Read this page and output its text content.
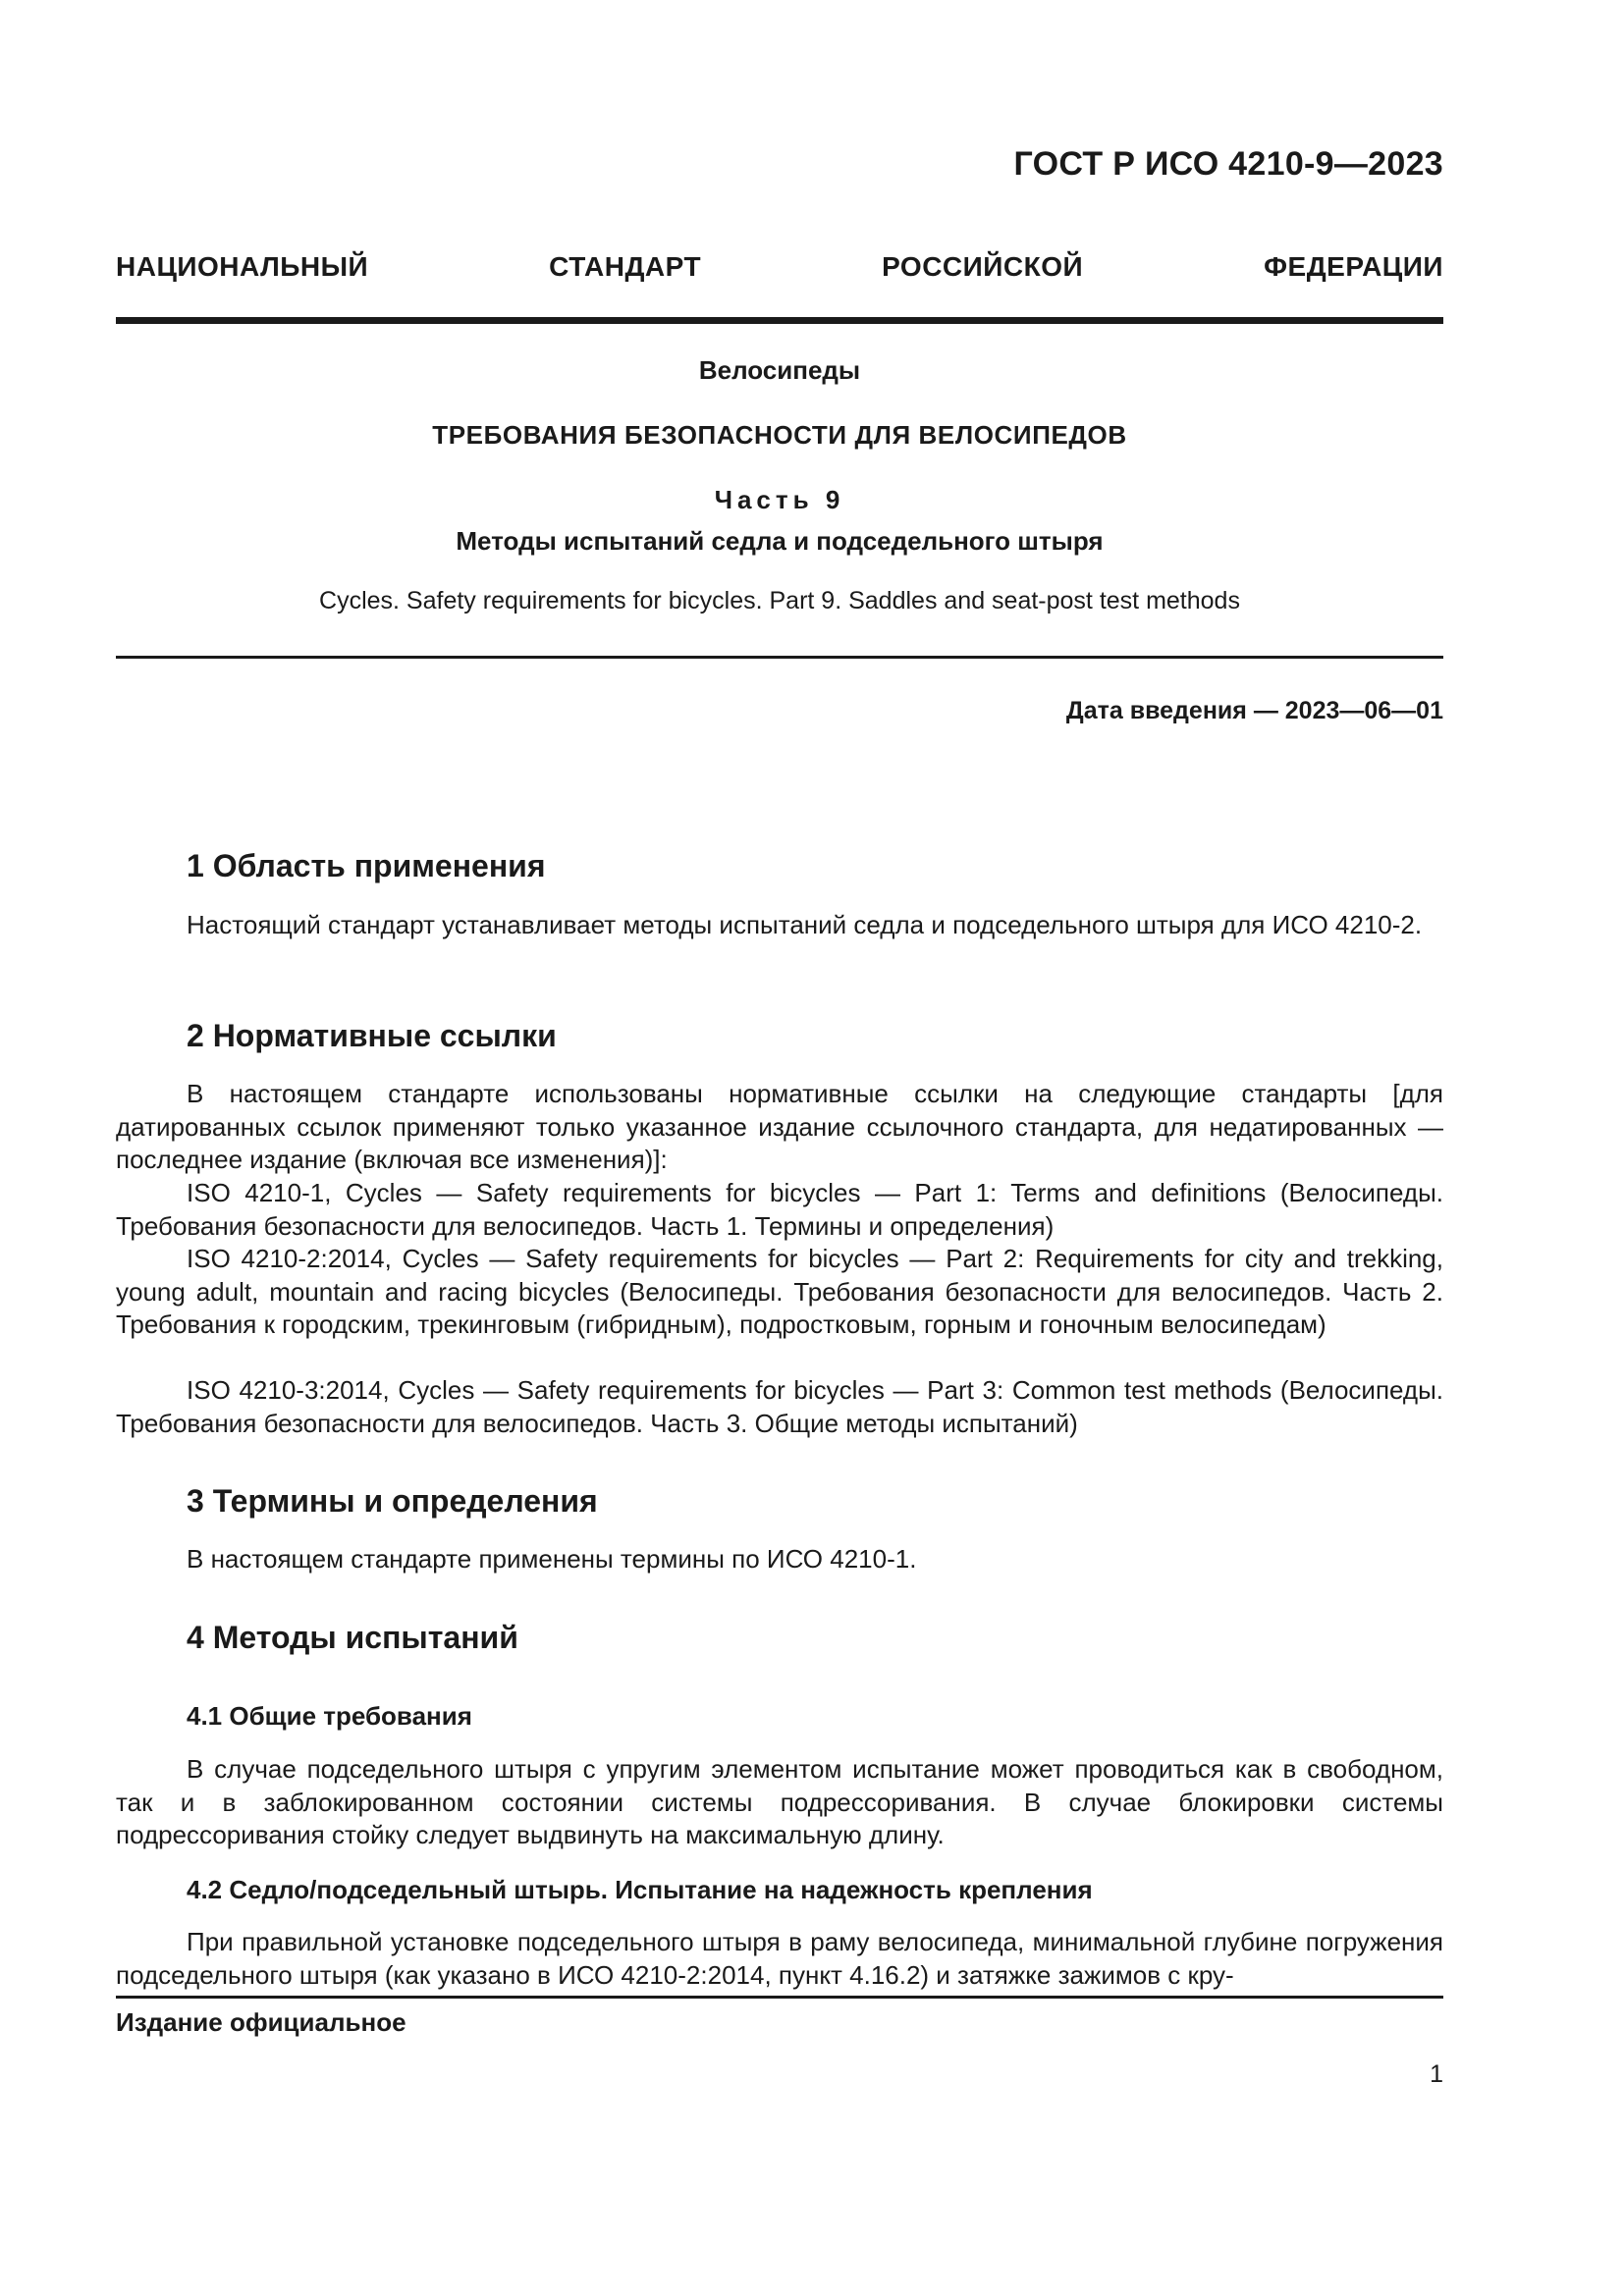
ГОСТ Р ИСО 4210-9—2023
НАЦИОНАЛЬНЫЙ СТАНДАРТ РОССИЙСКОЙ ФЕДЕРАЦИИ
Велосипеды
ТРЕБОВАНИЯ БЕЗОПАСНОСТИ ДЛЯ ВЕЛОСИПЕДОВ
Часть 9
Методы испытаний седла и подседельного штыря
Cycles. Safety requirements for bicycles. Part 9. Saddles and seat-post test methods
Дата введения — 2023—06—01
1 Область применения

Настоящий стандарт устанавливает методы испытаний седла и подседельного штыря для ИСО 4210-2.

2 Нормативные ссылки

В настоящем стандарте использованы нормативные ссылки на следующие стандарты [для датированных ссылок применяют только указанное издание ссылочного стандарта, для недатированных — последнее издание (включая все изменения)]:

ISO 4210-1, Cycles — Safety requirements for bicycles — Part 1: Terms and definitions (Велосипеды. Требования безопасности для велосипедов. Часть 1. Термины и определения)

ISO 4210-2:2014, Cycles — Safety requirements for bicycles — Part 2: Requirements for city and trekking, young adult, mountain and racing bicycles (Велосипеды. Требования безопасности для велосипедов. Часть 2. Требования к городским, трекинговым (гибридным), подростковым, горным и гоночным велосипедам)

ISO 4210-3:2014, Cycles — Safety requirements for bicycles — Part 3: Common test methods (Велосипеды. Требования безопасности для велосипедов. Часть 3. Общие методы испытаний)

3 Термины и определения

В настоящем стандарте применены термины по ИСО 4210-1.

4 Методы испытаний
4.1 Общие требования

В случае подседельного штыря с упругим элементом испытание может проводиться как в свободном, так и в заблокированном состоянии системы подрессоривания. В случае блокировки системы подрессоривания стойку следует выдвинуть на максимальную длину.

4.2 Седло/подседельный штырь. Испытание на надежность крепления

При правильной установке подседельного штыря в раму велосипеда, минимальной глубине погружения подседельного штыря (как указано в ИСО 4210-2:2014, пункт 4.16.2) и затяжке зажимов с кру-

Издание официальное
1
